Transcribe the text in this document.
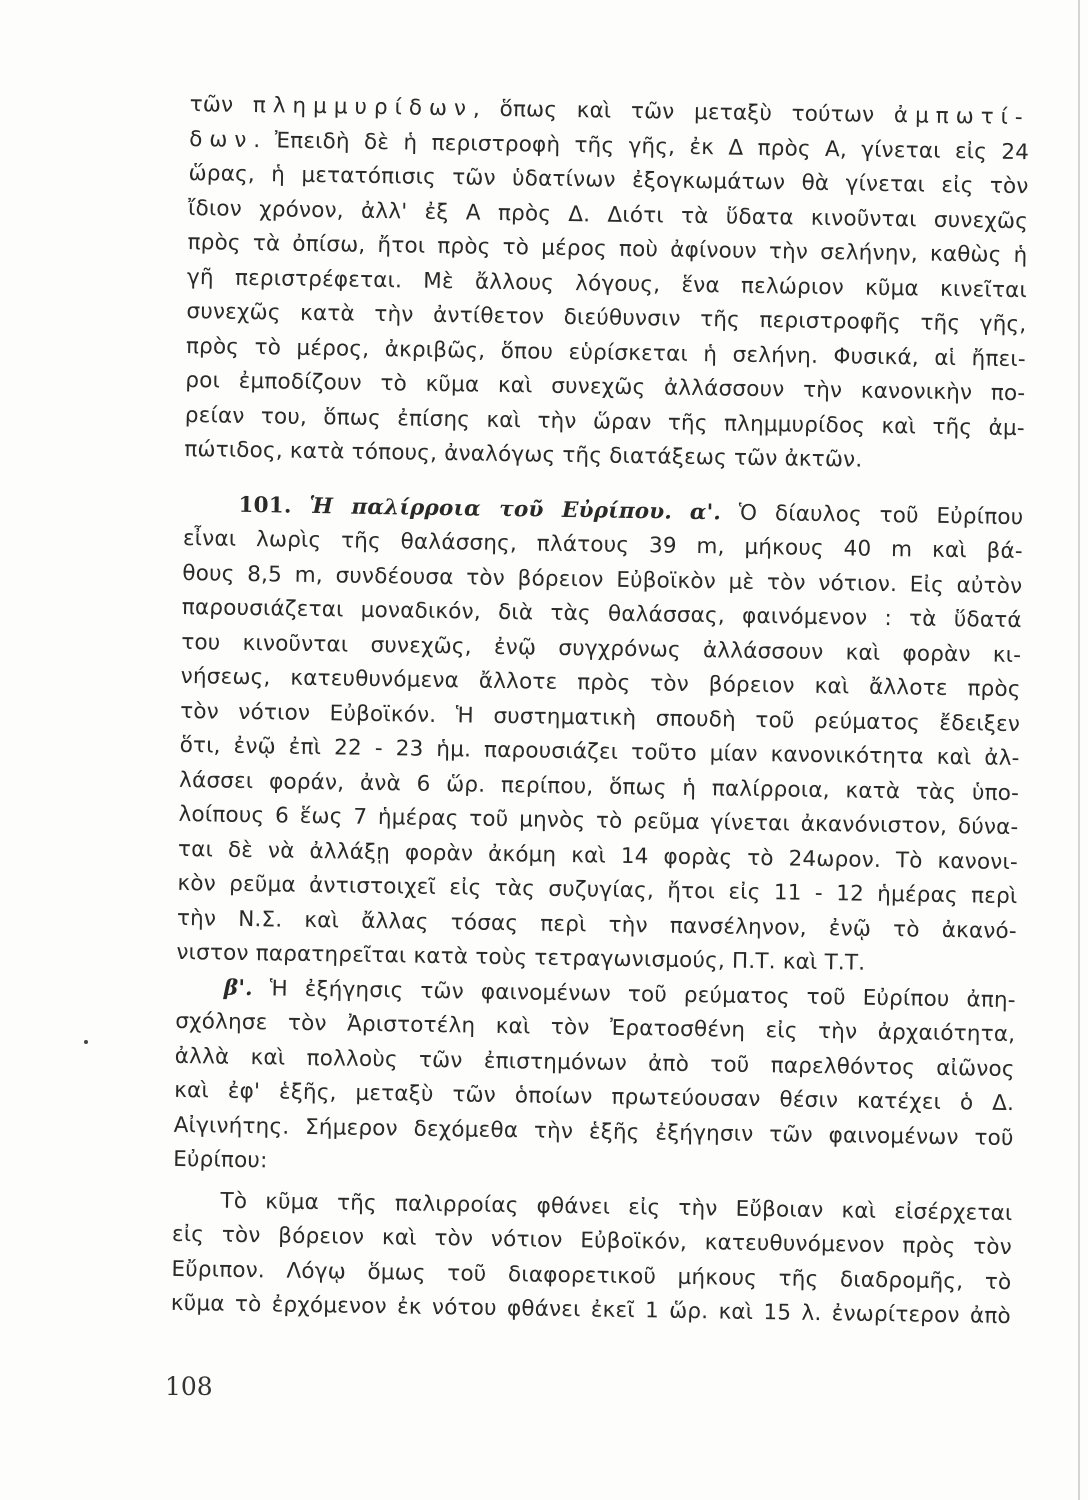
τῶν πλημμυρίδων, ὅπως καὶ τῶν μεταξὺ τούτων ἀμπωτί-
δων. Ἐπειδὴ δὲ ἡ περιστροφὴ τῆς γῆς, ἐκ Δ πρὸς Α, γίνεται εἰς 24
ὥρας, ἡ μετατόπισις τῶν ὑδατίνων ἐξογκωμάτων θὰ γίνεται εἰς τὸν
ἴδιον χρόνον, ἀλλ' ἐξ Α πρὸς Δ. Διότι τὰ ὕδατα κινοῦνται συνεχῶς
πρὸς τὰ ὀπίσω, ἤτοι πρὸς τὸ μέρος ποὺ ἀφίνουν τὴν σελήνην, καθὼς ἡ
γῆ περιστρέφεται. Μὲ ἄλλους λόγους, ἕνα πελώριον κῦμα κινεῖται
συνεχῶς κατὰ τὴν ἀντίθετον διεύθυνσιν τῆς περιστροφῆς τῆς γῆς,
πρὸς τὸ μέρος, ἀκριβῶς, ὅπου εὑρίσκεται ἡ σελήνη. Φυσικά, αἱ ἤπει-
ροι ἐμποδίζουν τὸ κῦμα καὶ συνεχῶς ἀλλάσσουν τὴν κανονικὴν πο-
ρείαν του, ὅπως ἐπίσης καὶ τὴν ὥραν τῆς πλημμυρίδος καὶ τῆς ἀμ-
πώτιδος, κατὰ τόπους, ἀναλόγως τῆς διατάξεως τῶν ἀκτῶν.
101. Ἡ παλίρροια τοῦ Εὐρίπου. α'. Ὁ δίαυλος τοῦ Εὐρίπου
εἶναι λωρὶς τῆς θαλάσσης, πλάτους 39 m, μήκους 40 m καὶ βά-
θους 8,5 m, συνδέουσα τὸν βόρειον Εὐβοϊκὸν μὲ τὸν νότιον. Εἰς αὐτὸν
παρουσιάζεται μοναδικόν, διὰ τὰς θαλάσσας, φαινόμενον : τὰ ὕδατά
του κινοῦνται συνεχῶς, ἐνῷ συγχρόνως ἀλλάσσουν καὶ φορὰν κι-
νήσεως, κατευθυνόμενα ἄλλοτε πρὸς τὸν βόρειον καὶ ἄλλοτε πρὸς
τὸν νότιον Εὐβοϊκόν. Ἡ συστηματικὴ σπουδὴ τοῦ ρεύματος ἔδειξεν
ὅτι, ἐνῷ ἐπὶ 22 - 23 ἡμ. παρουσιάζει τοῦτο μίαν κανονικότητα καὶ ἀλ-
λάσσει φοράν, ἀνὰ 6 ὥρ. περίπου, ὅπως ἡ παλίρροια, κατὰ τὰς ὑπο-
λοίπους 6 ἕως 7 ἡμέρας τοῦ μηνὸς τὸ ρεῦμα γίνεται ἀκανόνιστον, δύνα-
ται δὲ νὰ ἀλλάξῃ φορὰν ἀκόμη καὶ 14 φορὰς τὸ 24ωρον. Τὸ κανονι-
κὸν ρεῦμα ἀντιστοιχεῖ εἰς τὰς συζυγίας, ἤτοι εἰς 11 - 12 ἡμέρας περὶ
τὴν Ν.Σ. καὶ ἄλλας τόσας περὶ τὴν πανσέληνον, ἐνῷ τὸ ἀκανό-
νιστον παρατηρεῖται κατὰ τοὺς τετραγωνισμούς, Π.Τ. καὶ Τ.Τ.
β'. Ἡ ἐξήγησις τῶν φαινομένων τοῦ ρεύματος τοῦ Εὐρίπου ἀπη-
σχόλησε τὸν Ἀριστοτέλη καὶ τὸν Ἐρατοσθένη εἰς τὴν ἀρχαιότητα,
ἀλλὰ καὶ πολλοὺς τῶν ἐπιστημόνων ἀπὸ τοῦ παρελθόντος αἰῶνος
καὶ ἐφ' ἑξῆς, μεταξὺ τῶν ὁποίων πρωτεύουσαν θέσιν κατέχει ὁ Δ.
Αἰγινήτης. Σήμερον δεχόμεθα τὴν ἑξῆς ἐξήγησιν τῶν φαινομένων τοῦ
Εὐρίπου:
Τὸ κῦμα τῆς παλιρροίας φθάνει εἰς τὴν Εὔβοιαν καὶ εἰσέρχεται
εἰς τὸν βόρειον καὶ τὸν νότιον Εὐβοϊκόν, κατευθυνόμενον πρὸς τὸν
Εὔριπον. Λόγῳ ὅμως τοῦ διαφορετικοῦ μήκους τῆς διαδρομῆς, τὸ
κῦμα τὸ ἐρχόμενον ἐκ νότου φθάνει ἐκεῖ 1 ὥρ. καὶ 15 λ. ἐνωρίτερον ἀπὸ
108
